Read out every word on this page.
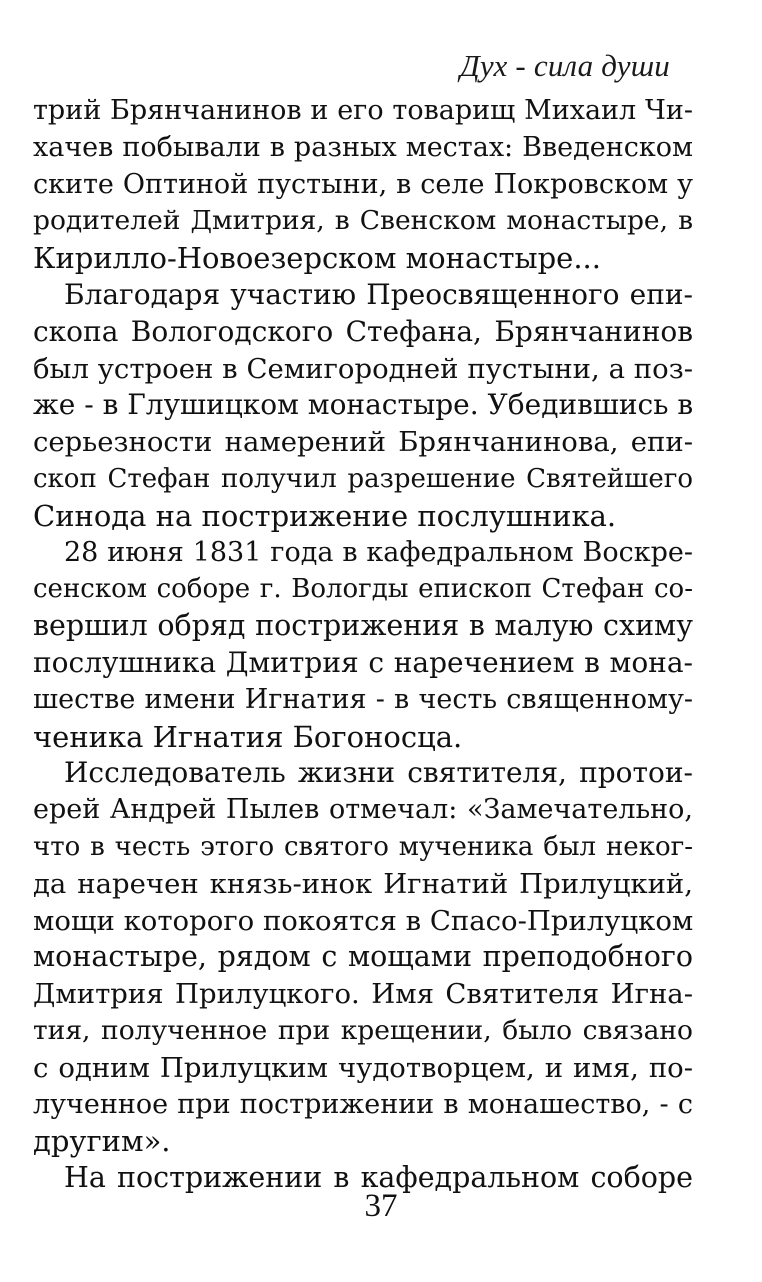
Дух - сила души
трий Брянчанинов и его товарищ Михаил Чи-
хачев побывали в разных местах: Введенском
ските Оптиной пустыни, в селе Покровском у
родителей Дмитрия, в Свенском монастыре, в
Кирилло-Новоезерском монастыре...
Благодаря участию Преосвященного епи-
скопа Вологодского Стефана, Брянчанинов
был устроен в Семигородней пустыни, а поз-
же - в Глушицком монастыре. Убедившись в
серьезности намерений Брянчанинова, епи-
скоп Стефан получил разрешение Святейшего
Синода на пострижение послушника.
28 июня 1831 года в кафедральном Воскре-
сенском соборе г. Вологды епископ Стефан со-
вершил обряд пострижения в малую схиму
послушника Дмитрия с наречением в мона-
шестве имени Игнатия - в честь священному-
ченика Игнатия Богоносца.
Исследователь жизни святителя, протои-
ерей Андрей Пылев отмечал: «Замечательно,
что в честь этого святого мученика был неког-
да наречен князь-инок Игнатий Прилуцкий,
мощи которого покоятся в Спасо-Прилуцком
монастыре, рядом с мощами преподобного
Дмитрия Прилуцкого. Имя Святителя Игна-
тия, полученное при крещении, было связано
с одним Прилуцким чудотворцем, и имя, по-
лученное при пострижении в монашество, - с
другим».
На пострижении в кафедральном соборе
37
